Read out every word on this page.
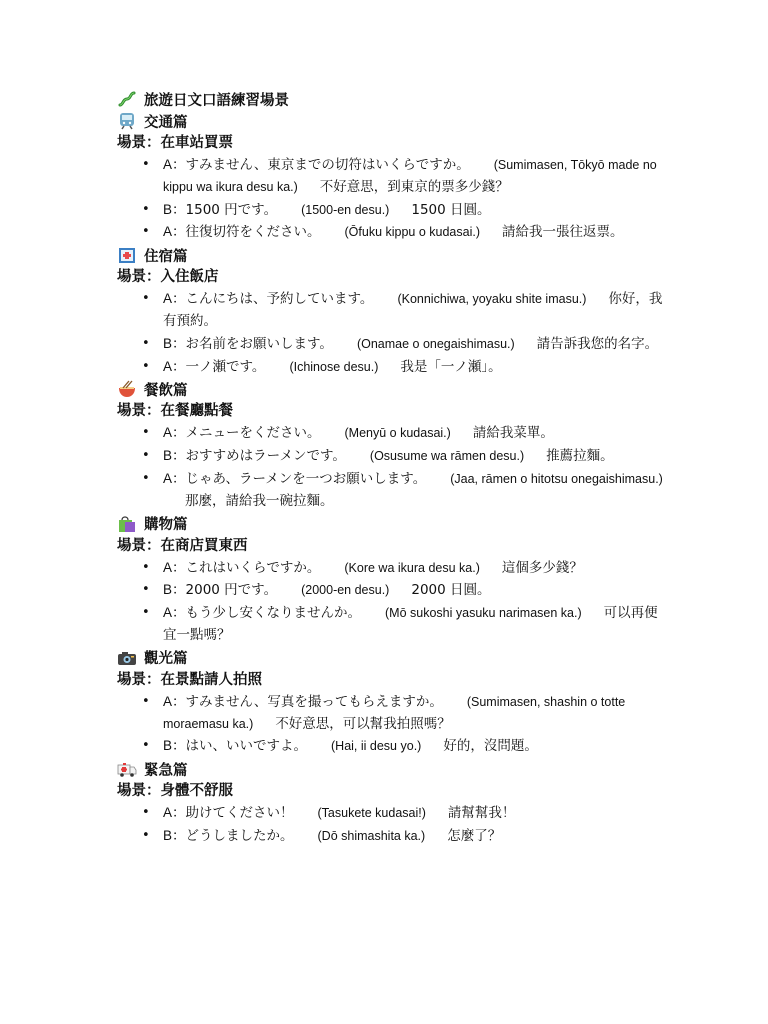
旅遊日文口語練習場景
交通篇
場景：在車站買票
• A：すみません、東京までの切符はいくらですか。 (Sumimasen, Tōkyō made no kippu wa ikura desu ka.) 不好意思，到東京的票多少錢？
• B：1500 円です。 (1500-en desu.) 1500 日圓。
• A：往復切符をください。 (Ōfuku kippu o kudasai.) 請給我一張往返票。
住宿篇
場景：入住飯店
• A：こんにちは、予約しています。 (Konnichiwa, yoyaku shite imasu.) 你好，我有預約。
• B：お名前をお願いします。 (Onamae o onegaishimasu.) 請告訴我您的名字。
• A：一ノ瀬です。 (Ichinose desu.) 我是「一ノ瀬」。
餐飲篇
場景：在餐廳點餐
• A：メニューをください。 (Menyū o kudasai.) 請給我菜單。
• B：おすすめはラーメンです。 (Osusume wa rāmen desu.) 推薦拉麵。
• A：じゃあ、ラーメンを一つお願いします。 (Jaa, rāmen o hitotsu onegaishimasu.)那麼，請給我一碗拉麵。
購物篇
場景：在商店買東西
• A：これはいくらですか。 (Kore wa ikura desu ka.) 這個多少錢？
• B：2000 円です。 (2000-en desu.) 2000 日圓。
• A：もう少し安くなりませんか。 (Mō sukoshi yasuku narimasen ka.) 可以再便宜一點嗎？
觀光篇
場景：在景點請人拍照
• A：すみません、写真を撮ってもらえますか。 (Sumimasen, shashin o totte moraemasu ka.) 不好意思，可以幫我拍照嗎？
• B：はい、いいですよ。 (Hai, ii desu yo.) 好的，沒問題。
緊急篇
場景：身體不舒服
• A：助けてください！ (Tasukete kudasai!) 請幫幫我！
• B：どうしましたか。 (Dō shimashita ka.) 怎麼了？
